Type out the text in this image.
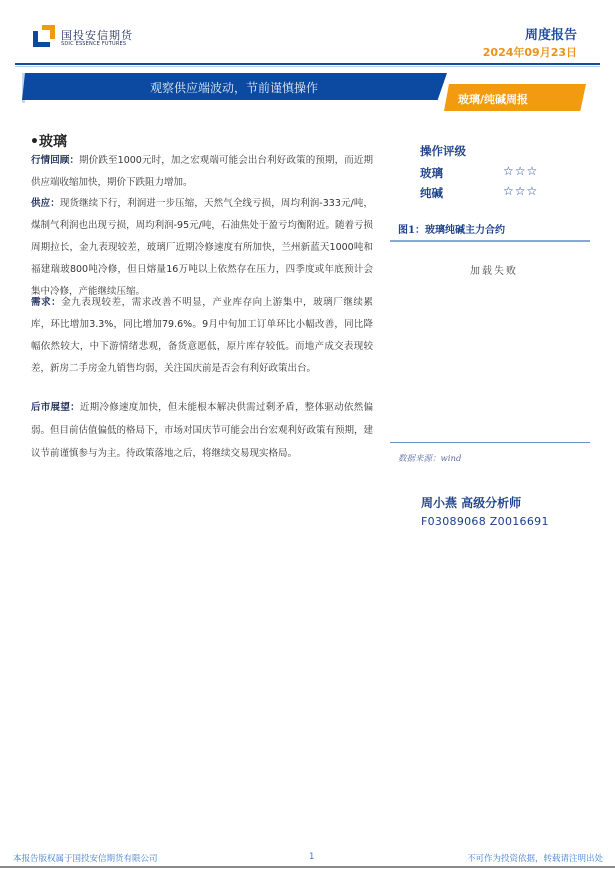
国投安信期货
SDIC ESSENCE FUTURES
周度报告
2024年09月23日
观察供应端波动，节前谨慎操作
玻璃/纯碱周报
•玻璃

行情回顾：期价跌至1000元时，加之宏观端可能会出台利好政策的预期，而近期供应端收缩加快，期价下跌阻力增加。

供应：现货继续下行，利润进一步压缩，天然气全线亏损，周均利润-333元/吨，煤制气利润也出现亏损，周均利润-95元/吨，石油焦处于盈亏均衡附近。随着亏损周期拉长，金九表现较差，玻璃厂近期冷修速度有所加快，兰州新蓝天1000吨和福建瑞玻800吨冷修，但日熔量16万吨以上依然存在压力，四季度或年底预计会集中冷修，产能继续压缩。

需求：金九表现较差，需求改善不明显，产业库存向上游集中，玻璃厂继续累库，环比增加3.3%，同比增加79.6%。9月中旬加工订单环比小幅改善，同比降幅依然较大，中下游情绪悲观，备货意愿低，原片库存较低。而地产成交表现较差，新房二手房金九销售均弱，关注国庆前是否会有利好政策出台。

后市展望：近期冷修速度加快，但未能根本解决供需过剩矛盾，整体驱动依然偏弱。但目前估值偏低的格局下，市场对国庆节可能会出台宏观利好政策有预期，建议节前谨慎参与为主。待政策落地之后，将继续交易现实格局。

操作评级
玻璃	☆☆☆
纯碱	☆☆☆
图1：玻璃纯碱主力合约
加载失败
数据来源：wind
周小燕 高级分析师
F03089068 Z0016691
本报告版权属于国投安信期货有限公司	1	不可作为投资依据，转载请注明出处
